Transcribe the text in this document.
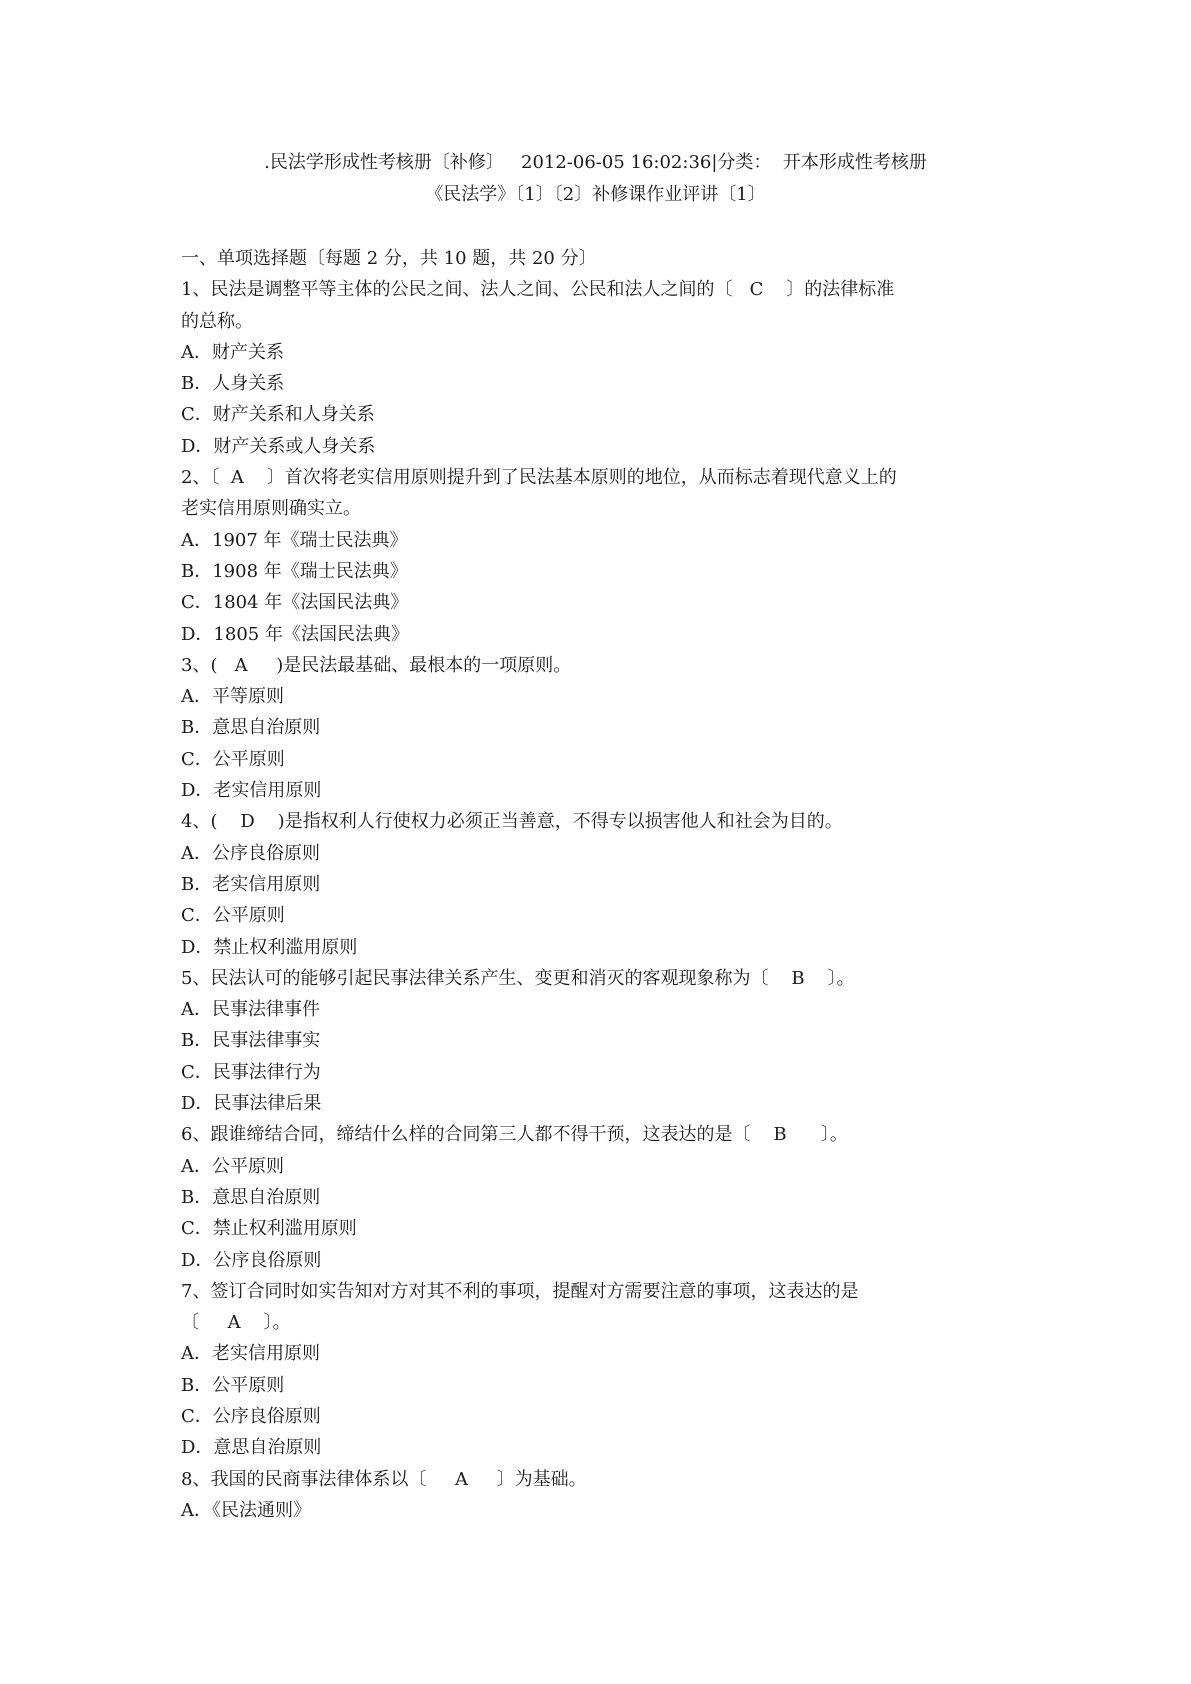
.民法学形成性考核册〔补修〕   2012-06-05 16:02:36|分类：  开本形成性考核册
《民法学》〔1〕〔2〕补修课作业评讲〔1〕
一、单项选择题〔每题 2 分，共 10 题，共 20 分〕
1、民法是调整平等主体的公民之间、法人之间、公民和法人之间的〔   C    〕的法律标准
的总称。
A．财产关系
B．人身关系
C．财产关系和人身关系
D．财产关系或人身关系
2、〔  A    〕首次将老实信用原则提升到了民法基本原则的地位，从而标志着现代意义上的
老实信用原则确实立。
A．1907 年《瑞士民法典》
B．1908 年《瑞士民法典》
C．1804 年《法国民法典》
D．1805 年《法国民法典》
3、(   A     )是民法最基础、最根本的一项原则。
A．平等原则
B．意思自治原则
C．公平原则
D．老实信用原则
4、(    D    )是指权利人行使权力必须正当善意，不得专以损害他人和社会为目的。
A．公序良俗原则
B．老实信用原则
C．公平原则
D．禁止权利滥用原则
5、民法认可的能够引起民事法律关系产生、变更和消灭的客观现象称为〔    B    〕。
A．民事法律事件
B．民事法律事实
C．民事法律行为
D．民事法律后果
6、跟谁缔结合同，缔结什么样的合同第三人都不得干预，这表达的是〔    B      〕。
A．公平原则
B．意思自治原则
C．禁止权利滥用原则
D．公序良俗原则
7、签订合同时如实告知对方对其不利的事项，提醒对方需要注意的事项，这表达的是
〔     A    〕。
A．老实信用原则
B．公平原则
C．公序良俗原则
D．意思自治原则
8、我国的民商事法律体系以〔     A     〕为基础。
A．《民法通则》
